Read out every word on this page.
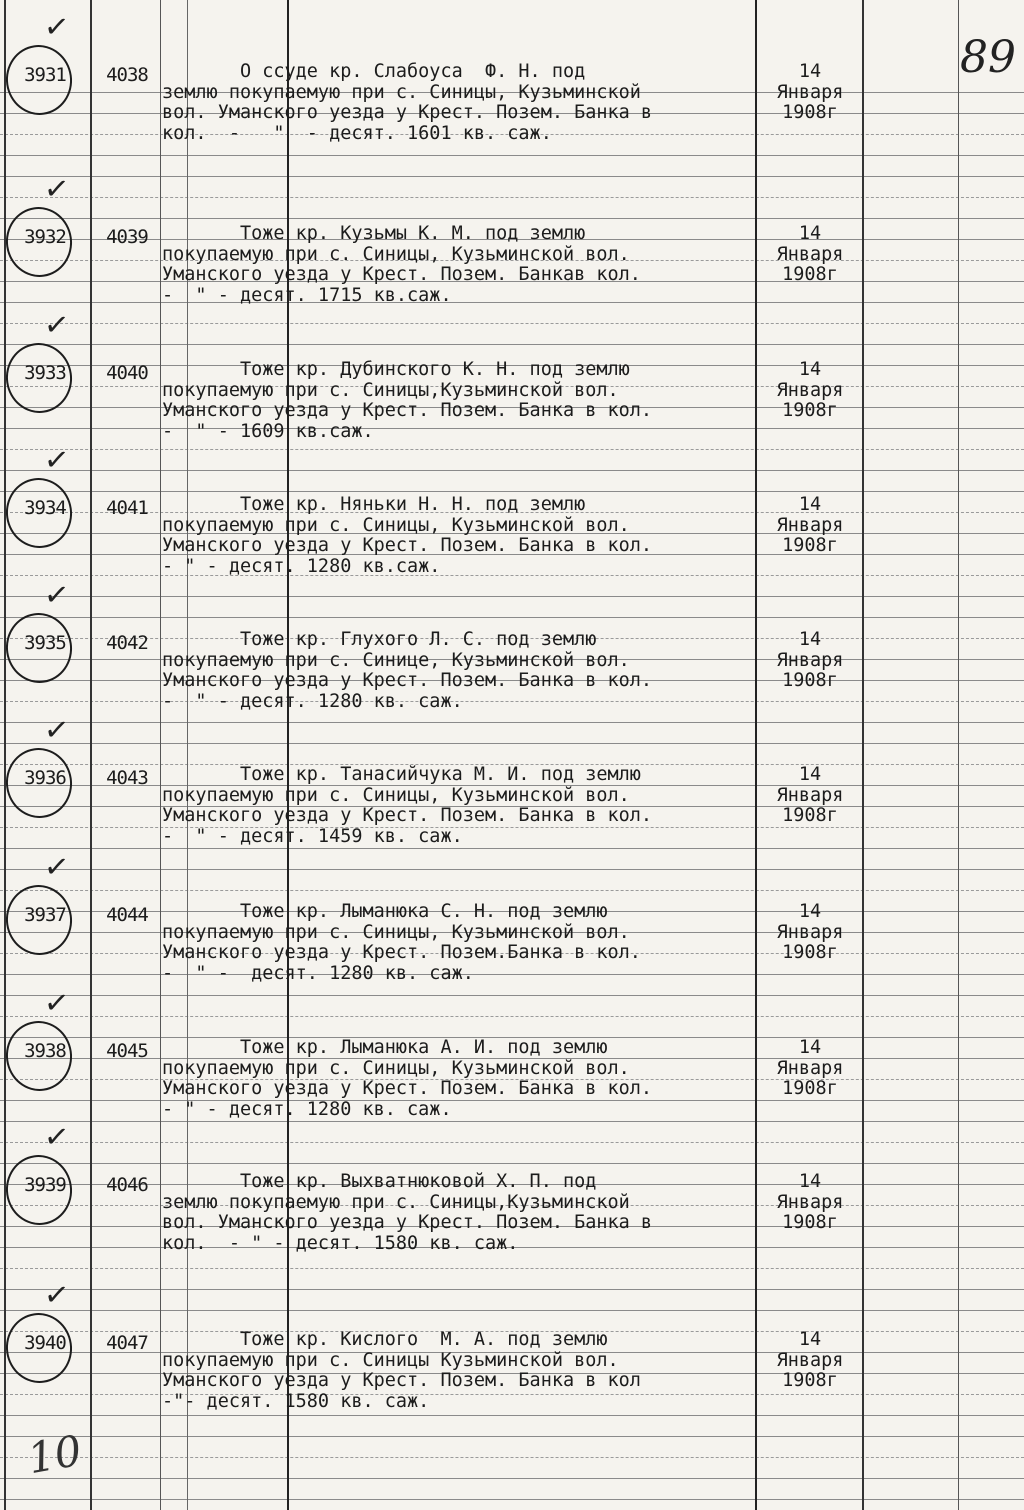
89
✓
3931	4038 О ссуде кр. Слабоуса  Ф. Н. под
землю покупаемую при с. Синицы, Кузьминской
вол. Уманского уезда у Крест. Позем. Банка в
кол.  -   "  - десят. 1601 кв. саж.
14
Января
1908г
✓
3932	4039 Тоже кр. Кузьмы К. М. под землю
покупаемую при с. Синицы, Кузьминской вол.
Уманского уезда у Крест. Позем. Банкав кол.
-  " - десят. 1715 кв.саж.
14
Января
1908г
✓
3933	4040 Тоже кр. Дубинского К. Н. под землю
покупаемую при с. Синицы,Кузьминской вол.
Уманского уезда у Крест. Позем. Банка в кол.
-  " - 1609 кв.саж.
14
Января
1908г
✓
3934	4041 Тоже кр. Няньки Н. Н. под землю
покупаемую при с. Синицы, Кузьминской вол.
Уманского уезда у Крест. Позем. Банка в кол.
- " - десят. 1280 кв.саж.
14
Января
1908г
✓
3935	4042 Тоже кр. Глухого Л. С. под землю
покупаемую при с. Синице, Кузьминской вол.
Уманского уезда у Крест. Позем. Банка в кол.
-  " - десят. 1280 кв. саж.
14
Января
1908г
✓
3936	4043 Тоже кр. Танасийчука М. И. под землю
покупаемую при с. Синицы, Кузьминской вол.
Уманского уезда у Крест. Позем. Банка в кол.
-  " - десят. 1459 кв. саж.
14
Января
1908г
✓
3937	4044 Тоже кр. Лыманюка С. Н. под землю
покупаемую при с. Синицы, Кузьминской вол.
Уманского уезда у Крест. Позем.Банка в кол.
-  " -  десят. 1280 кв. саж.
14
Января
1908г
✓
3938	4045 Тоже кр. Лыманюка А. И. под землю
покупаемую при с. Синицы, Кузьминской вол.
Уманского уезда у Крест. Позем. Банка в кол.
- " - десят. 1280 кв. саж.
14
Января
1908г
✓
3939	4046 Тоже кр. Выхватнюковой Х. П. под
землю покупаемую при с. Синицы,Кузьминской
вол. Уманского уезда у Крест. Позем. Банка в
кол.  - " - десят. 1580 кв. саж.
14
Января
1908г
✓
3940	4047 Тоже кр. Кислого  М. А. под землю
покупаемую при с. Синицы Кузьминской вол.
Уманского уезда у Крест. Позем. Банка в кол
-"- десят. 1580 кв. саж.
14
Января
1908г
10
